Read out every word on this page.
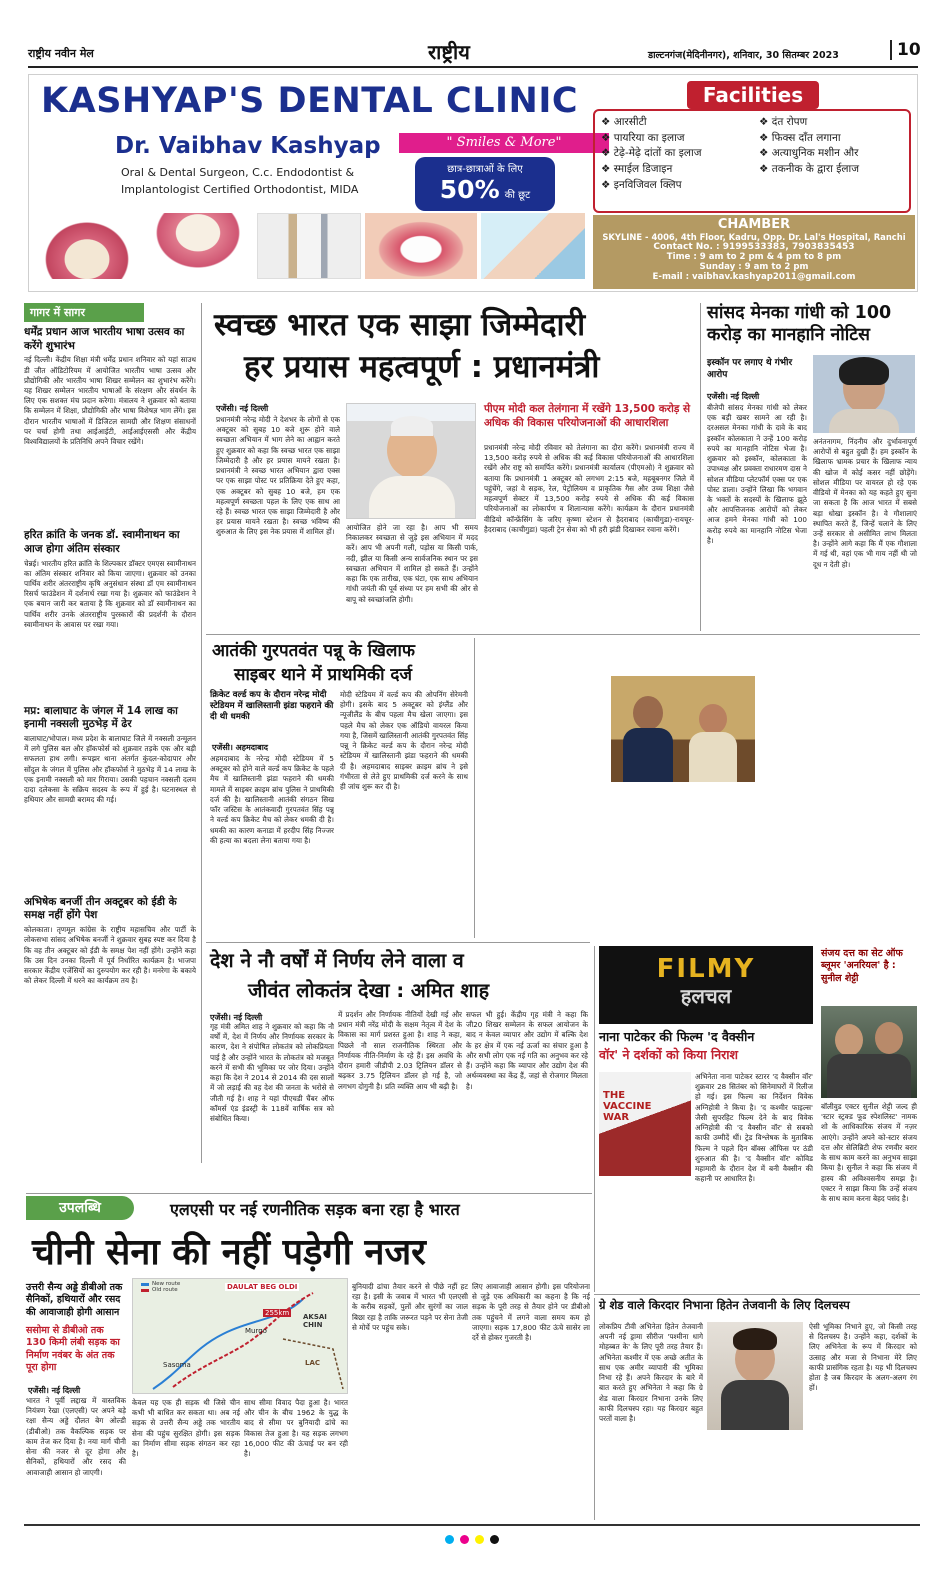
राष्ट्रीय नवीन मेल	राष्ट्रीय	डाल्टनगंज(मेदिनीनगर), शनिवार, 30 सितम्बर 2023	10
KASHYAP'S DENTAL CLINIC
Dr. Vaibhav Kashyap	" Smiles & More"
Oral & Dental Surgeon, C.c. Endodontist &
Implantologist Certified Orthodontist, MIDA
छात्र-छात्राओं के लिए
50% की छूट
Facilities
❖ आरसीटी	❖ दंत रोपण
❖ पायरिया का इलाज	❖ फिक्स दाँत लगाना
❖ टेढ़े-मेढ़े दांतों का इलाज	❖ अत्याधुनिक मशीन और
❖ स्माईल डिजाइन	❖ तकनीक के द्वारा ईलाज
❖ इनविजिवल क्लिप
CHAMBER
SKYLINE - 4006, 4th Floor, Kadru, Opp. Dr. Lal's Hospital, Ranchi
Contact No. : 9199533383, 7903835453
Time : 9 am to 2 pm & 4 pm to 8 pm
Sunday : 9 am to 2 pm
E-mail : vaibhav.kashyap2011@gmail.com
गागर में सागर
धर्मेंद्र प्रधान आज भारतीय भाषा उत्सव का करेंगे शुभारंभ
नई दिल्ली। केंद्रीय शिक्षा मंत्री धर्मेंद्र प्रधान शनिवार को यहां साउथ डी जीत ऑडिटोरियम में आयोजित भारतीय भाषा उत्सव और प्रौद्योगिकी और भारतीय भाषा शिखर सम्मेलन का शुभारंभ करेंगे। यह शिखर सम्मेलन भारतीय भाषाओं के संरक्षण और संवर्धन के लिए एक सशक्त मंच प्रदान करेगा। मंत्रालय ने शुक्रवार को बताया कि सम्मेलन में शिक्षा, प्रौद्योगिकी और भाषा विशेषज्ञ भाग लेंगे। इस दौरान भारतीय भाषाओं में डिजिटल सामग्री और शिक्षण संसाधनों पर चर्चा होगी तथा आईआईटी, आईआईएससी और केंद्रीय विश्वविद्यालयों के प्रतिनिधि अपने विचार रखेंगे।
हरित क्रांति के जनक डॉ. स्वामीनाथन का आज होगा अंतिम संस्कार
चेन्नई। भारतीय हरित क्रांति के शिल्पकार डॉक्टर एमएस स्वामीनाथन का अंतिम संस्कार शनिवार को किया जाएगा। शुक्रवार को उनका पार्थिव शरीर अंतरराष्ट्रीय कृषि अनुसंधान संस्था डॉ एम स्वामीनाथन रिसर्च फाउंडेशन में दर्शनार्थ रखा गया है। शुक्रवार को फाउंडेशन ने एक बयान जारी कर बताया है कि शुक्रवार को डॉ स्वामीनाथन का पार्थिव शरीर उनके अंतरराष्ट्रीय पुरस्कारों की प्रदर्शनी के दौरान स्वामीनाथन के आवास पर रखा गया।
मप्र: बालाघाट के जंगल में 14 लाख का इनामी नक्सली मुठभेड़ में ढेर
बालाघाट/भोपाल। मध्य प्रदेश के बालाघाट जिले में नक्सली उन्मूलन में लगे पुलिस बल और हॉकफोर्स को शुक्रवार तड़के एक और बड़ी सफलता हाथ लगी। रूपझर थाना अंतर्गत कुंदल-कोदापार और सोंदुल के जंगल में पुलिस और हॉकफोर्स ने मुठभेड़ में 14 लाख के एक इनामी नक्सली को मार गिराया। उसकी पहचान नक्सली दलम दादा दलेकसा के सक्रिय सदस्य के रूप में हुई है। घटनास्थल से हथियार और सामग्री बरामद की गई।
अभिषेक बनर्जी तीन अक्टूबर को ईडी के समक्ष नहीं होंगे पेश
कोलकाता। तृणमूल कांग्रेस के राष्ट्रीय महासचिव और पार्टी के लोकसभा सांसद अभिषेक बनर्जी ने शुक्रवार सुबह स्पष्ट कर दिया है कि वह तीन अक्टूबर को ईडी के समक्ष पेश नहीं होंगे। उन्होंने कहा कि उस दिन उनका दिल्ली में पूर्व निर्धारित कार्यक्रम है। भाजपा सरकार केंद्रीय एजेंसियों का दुरुपयोग कर रही है। मनरेगा के बकाये को लेकर दिल्ली में धरने का कार्यक्रम तय है।
स्वच्छ भारत एक साझा जिम्मेदारी
हर प्रयास महत्वपूर्ण : प्रधानमंत्री
एजेंसी। नई दिल्ली
प्रधानमंत्री नरेन्द्र मोदी ने देशभर के लोगों से एक अक्टूबर को सुबह 10 बजे शुरू होने वाले स्वच्छता अभियान में भाग लेने का आह्वान करते हुए शुक्रवार को कहा कि स्वच्छ भारत एक साझा जिम्मेदारी है और हर प्रयास मायने रखता है। प्रधानमंत्री ने स्वच्छ भारत अभियान द्वारा एक्स पर एक साझा पोस्ट पर प्रतिक्रिया देते हुए कहा, एक अक्टूबर को सुबह 10 बजे, हम एक महत्वपूर्ण स्वच्छता पहल के लिए एक साथ आ रहे हैं। स्वच्छ भारत एक साझा जिम्मेदारी है और हर प्रयास मायने रखता है। स्वच्छ भविष्य की शुरुआत के लिए इस नेक प्रयास में शामिल हों।	आयोजित होने जा रहा है। आप भी समय निकालकर स्वच्छता से जुड़े इस अभियान में मदद करें। आप भी अपनी गली, पड़ोस या किसी पार्क, नदी, झील या किसी अन्य सार्वजनिक स्थान पर इस स्वच्छता अभियान में शामिल हो सकते हैं। उन्होंने कहा कि एक तारीख, एक घंटा, एक साथ अभियान गांधी जयंती की पूर्व संध्या पर हम सभी की ओर से बापू को स्वच्छांजलि होगी।
पीएम मोदी कल तेलंगाना में रखेंगे 13,500 करोड़ से अधिक की विकास परियोजनाओं की आधारशिला
प्रधानमंत्री नरेन्द्र मोदी रविवार को तेलंगाना का दौरा करेंगे। प्रधानमंत्री राज्य में 13,500 करोड़ रुपये से अधिक की कई विकास परियोजनाओं की आधारशिला रखेंगे और राष्ट्र को समर्पित करेंगे। प्रधानमंत्री कार्यालय (पीएमओ) ने शुक्रवार को बताया कि प्रधानमंत्री 1 अक्टूबर को लगभग 2:15 बजे, महबूबनगर जिले में पहुंचेंगे, जहां वे सड़क, रेल, पेट्रोलियम व प्राकृतिक गैस और उच्च शिक्षा जैसे महत्वपूर्ण सेक्टर में 13,500 करोड़ रुपये से अधिक की कई विकास परियोजनाओं का लोकार्पण व शिलान्यास करेंगे। कार्यक्रम के दौरान प्रधानमंत्री वीडियो कॉन्फ्रेंसिंग के जरिए कृष्णा स्टेशन से हैदराबाद (काचीगुडा)-रायचूर-हैदराबाद (काचीगुडा) पहली ट्रेन सेवा को भी हरी झंडी दिखाकर रवाना करेंगे।
सांसद मेनका गांधी को 100 करोड़ का मानहानि नोटिस
इस्कॉन पर लगाए थे गंभीर आरोप
एजेंसी। नई दिल्ली
बीजेपी सांसद मेनका गांधी को लेकर एक बड़ी खबर सामने आ रही है। दरअसल मेनका गांधी के दावे के बाद इस्कॉन कोलकाता ने उन्हें 100 करोड़ रुपये का मानहानि नोटिस भेजा है। शुक्रवार को इस्कॉन, कोलकाता के उपाध्यक्ष और प्रवक्ता राधारमण दास ने सोशल मीडिया प्लेटफॉर्म एक्स पर एक पोस्ट डाला। उन्होंने लिखा कि भगवान के भक्तों के सदस्यों के खिलाफ झूठे और आपत्तिजनक आरोपों को लेकर आज हमने मेनका गांधी को 100 करोड़ रुपये का मानहानि नोटिस भेजा है।
अनंतनागम, निंदनीय और दुर्भावनापूर्ण आरोपों से बहुत दुखी हैं। हम इस्कॉन के खिलाफ भ्रामक प्रचार के खिलाफ न्याय की खोज में कोई कसर नहीं छोड़ेंगे। सोशल मीडिया पर वायरल हो रहे एक वीडियो में मेनका को यह कहते हुए सुना जा सकता है कि आज भारत में सबसे बड़ा धोखा इस्कॉन है। वे गौशालाएं स्थापित करते हैं, जिन्हें चलाने के लिए उन्हें सरकार से असीमित लाभ मिलता है। उन्होंने आगे कहा कि मैं एक गौशाला में गई थी, वहां एक भी गाय नहीं थी जो दूध न देती हो।
आतंकी गुरपतवंत पन्नू के खिलाफ
साइबर थाने में प्राथमिकी दर्ज
क्रिकेट वर्ल्ड कप के दौरान नरेन्द्र मोदी स्टेडियम में खालिस्तानी झंडा फहराने की दी थी धमकी
एजेंसी। अहमदाबाद
अहमदाबाद के नरेन्द्र मोदी स्टेडियम में 5 अक्टूबर को होने वाले वर्ल्ड कप क्रिकेट के पहले मैच में खालिस्तानी झंडा फहराने की धमकी मामले में साइबर क्राइम ब्रांच पुलिस ने प्राथमिकी दर्ज की है। खालिस्तानी आतंकी संगठन सिख फॉर जस्टिस के आतंकवादी गुरपतवंत सिंह पन्नू ने वर्ल्ड कप क्रिकेट मैच को लेकर धमकी दी है। धमकी का कारण कनाडा में हरदीप सिंह निज्जर की हत्या का बदला लेना बताया गया है।
मोदी स्टेडियम में वर्ल्ड कप की ओपनिंग सेरेमनी होगी। इसके बाद 5 अक्टूबर को इंग्लैंड और न्यूजीलैंड के बीच पहला मैच खेला जाएगा। इस पहले मैच को लेकर एक ऑडियो वायरल किया गया है, जिसमें खालिस्तानी आतंकी गुरपतवंत सिंह पन्नू ने क्रिकेट वर्ल्ड कप के दौरान नरेन्द्र मोदी स्टेडियम में खालिस्तानी झंडा फहराने की धमकी दी है। अहमदाबाद साइबर क्राइम ब्रांच ने इसे गंभीरता से लेते हुए प्राथमिकी दर्ज करने के साथ ही जांच शुरू कर दी है।
देश ने नौ वर्षों में निर्णय लेने वाला व
जीवंत लोकतंत्र देखा : अमित शाह
एजेंसी। नई दिल्ली
गृह मंत्री अमित शाह ने शुक्रवार को कहा कि नौ वर्षों में, देश में निर्णय और निर्णायक सरकार के कारण, देश ने संपोषित लोकतंत्र को लोकप्रियता पाई है और उन्होंने भारत के लोकतंत्र को मजबूत करने में सभी की भूमिका पर जोर दिया। उन्होंने कहा कि देश ने 2014 से 2014 की दस सालों में जो लड़ाई की वह देश की जनता के भरोसे से जीती गई है। शाह ने यहां पीएचडी चैंबर ऑफ कॉमर्स एंड इंडस्ट्री के 118वें वार्षिक सत्र को संबोधित किया।
में प्रदर्शन और निर्णायक नीतियों देखी गई और प्रधान मंत्री नरेंद्र मोदी के सक्षम नेतृत्व में देश के विकास का मार्ग प्रशस्त हुआ है। शाह ने कहा, पिछले नौ साल राजनीतिक स्थिरता और निर्णायक नीति-निर्माण के रहे हैं। इस अवधि के दौरान हमारी जीडीपी 2.03 ट्रिलियन डॉलर से बढ़कर 3.75 ट्रिलियन डॉलर हो गई है, जो लगभग दोगुनी है। प्रति व्यक्ति आय भी बढ़ी है।
सफल भी हुई। केंद्रीय गृह मंत्री ने कहा कि जी20 शिखर सम्मेलन के सफल आयोजन के बाद न केवल व्यापार और उद्योग में बल्कि देश के हर क्षेत्र में एक नई ऊर्जा का संचार हुआ है और सभी लोग एक नई गति का अनुभव कर रहे हैं। उन्होंने कहा कि व्यापार और उद्योग देश की अर्थव्यवस्था का केंद्र हैं, जहां से रोजगार मिलता है।
FILMY
हलचल
नाना पाटेकर की फिल्म 'द वैक्सीन
वॉर' ने दर्शकों को किया निराश
THE VACCINE WAR
अभिनेता नाना पाटेकर स्टारर 'द वैक्सीन वॉर' शुक्रवार 28 सितंबर को सिनेमाघरों में रिलीज हो गई। इस फिल्म का निर्देशन विवेक अग्निहोत्री ने किया है। 'द कश्मीर फाइल्स' जैसी सुपरहिट फिल्म देने के बाद विवेक अग्निहोत्री की 'द वैक्सीन वॉर' से सबको काफी उम्मीदें थीं। ट्रेड विश्लेषक के मुताबिक फिल्म ने पहले दिन बॉक्स ऑफिस पर ठंडी शुरुआत की है। 'द वैक्सीन वॉर' कोविड महामारी के दौरान देश में बनी वैक्सीन की कहानी पर आधारित है।
संजय दत्त का सेट ऑफ ब्लूमर 'अनरियल' है : सुनील शेट्टी
बॉलीवुड एक्टर सुनील शेट्टी जल्द ही 'स्टार स्ट्रक्ड फूड स्पेशलिस्ट' नामक शो के आधिकारिक संजय में नज़र आएंगे। उन्होंने अपने को-स्टार संजय दत्त और सेलिब्रिटी शेफ रणवीर बरार के साथ काम करने का अनुभव साझा किया है। सुनील ने कहा कि संजय में हास्य की अविश्वसनीय समझ है। एक्टर ने साझा किया कि उन्हें संजय के साथ काम करना बेहद पसंद है।
उपलब्धि	एलएसी पर नई रणनीतिक सड़क बना रहा है भारत
चीनी सेना की नहीं पड़ेगी नजर
उत्तरी सैन्य अड्डे डीबीओ तक सैनिकों, हथियारों और रसद की आवाजाही होगी आसान
ससोमा से डीबीओ तक 130 किमी लंबी सड़क का निर्माण नवंबर के अंत तक पूरा होगा
एजेंसी। नई दिल्ली
भारत ने पूर्वी लद्दाख में वास्तविक नियंत्रण रेखा (एलएसी) पर अपने बड़े रक्षा सैन्य अड्डे दौलत बेग ओल्डी (डीबीओ) तक वैकल्पिक सड़क पर काम तेज कर दिया है। नया मार्ग चीनी सेना की नजर से दूर होगा और सैनिकों, हथियारों और रसद की आवाजाही आसान हो जाएगी।
DAULAT BEG OLDI
AKSAI CHIN
LAC
Murgo
Sasoma
255km
New route
Old route
केवल यह एक ही सड़क थी जिसे चीन कभी भी बाधित कर सकता था। अब नई सड़क से उत्तरी सैन्य अड्डे तक भारतीय सेना की पहुंच सुरक्षित होगी। इस सड़क का निर्माण सीमा सड़क संगठन कर रहा है।
साथ सीमा विवाद पैदा हुआ है। भारत और चीन के बीच 1962 के युद्ध के बाद से सीमा पर बुनियादी ढांचे का विकास तेज हुआ है। यह सड़क लगभग 16,000 फीट की ऊंचाई पर बन रही है।
बुनियादी ढांचा तैयार करने से पीछे नहीं हट रहा है। इसी के जवाब में भारत भी एलएसी के करीब सड़कों, पुलों और सुरंगों का जाल बिछा रहा है ताकि जरूरत पड़ने पर सेना तेजी से मोर्चे पर पहुंच सके।
लिए आवाजाही आसान होगी। इस परियोजना से जुड़े एक अधिकारी का कहना है कि नई सड़क के पूरी तरह से तैयार होने पर डीबीओ तक पहुंचने में लगने वाला समय कम हो जाएगा। सड़क 17,800 फीट ऊंचे सासेर ला दर्रे से होकर गुजरती है।
ग्रे शेड वाले किरदार निभाना हितेन तेजवानी के लिए दिलचस्प
लोकप्रिय टीवी अभिनेता हितेन तेजवानी अपनी नई ड्रामा सीरीज 'पश्मीना धागे मोहब्बत के' के लिए पूरी तरह तैयार हैं। अभिनेता कश्मीर में एक अच्छे अतीत के साथ एक अमीर व्यापारी की भूमिका निभा रहे हैं। अपने किरदार के बारे में बात करते हुए अभिनेता ने कहा कि ग्रे शेड वाला किरदार निभाना उनके लिए काफी दिलचस्प रहा। यह किरदार बहुत परतों वाला है।
ऐसी भूमिका निभाने हुए, जो किसी तरह से दिलचस्प है। उन्होंने कहा, दर्शकों के लिए अभिनेता के रूप में किरदार को उत्साह और मजा से निभाना मेरे लिए काफी प्रासंगिक रहता है। यह भी दिलचस्प होता है जब किरदार के अलग-अलग रंग हों।
